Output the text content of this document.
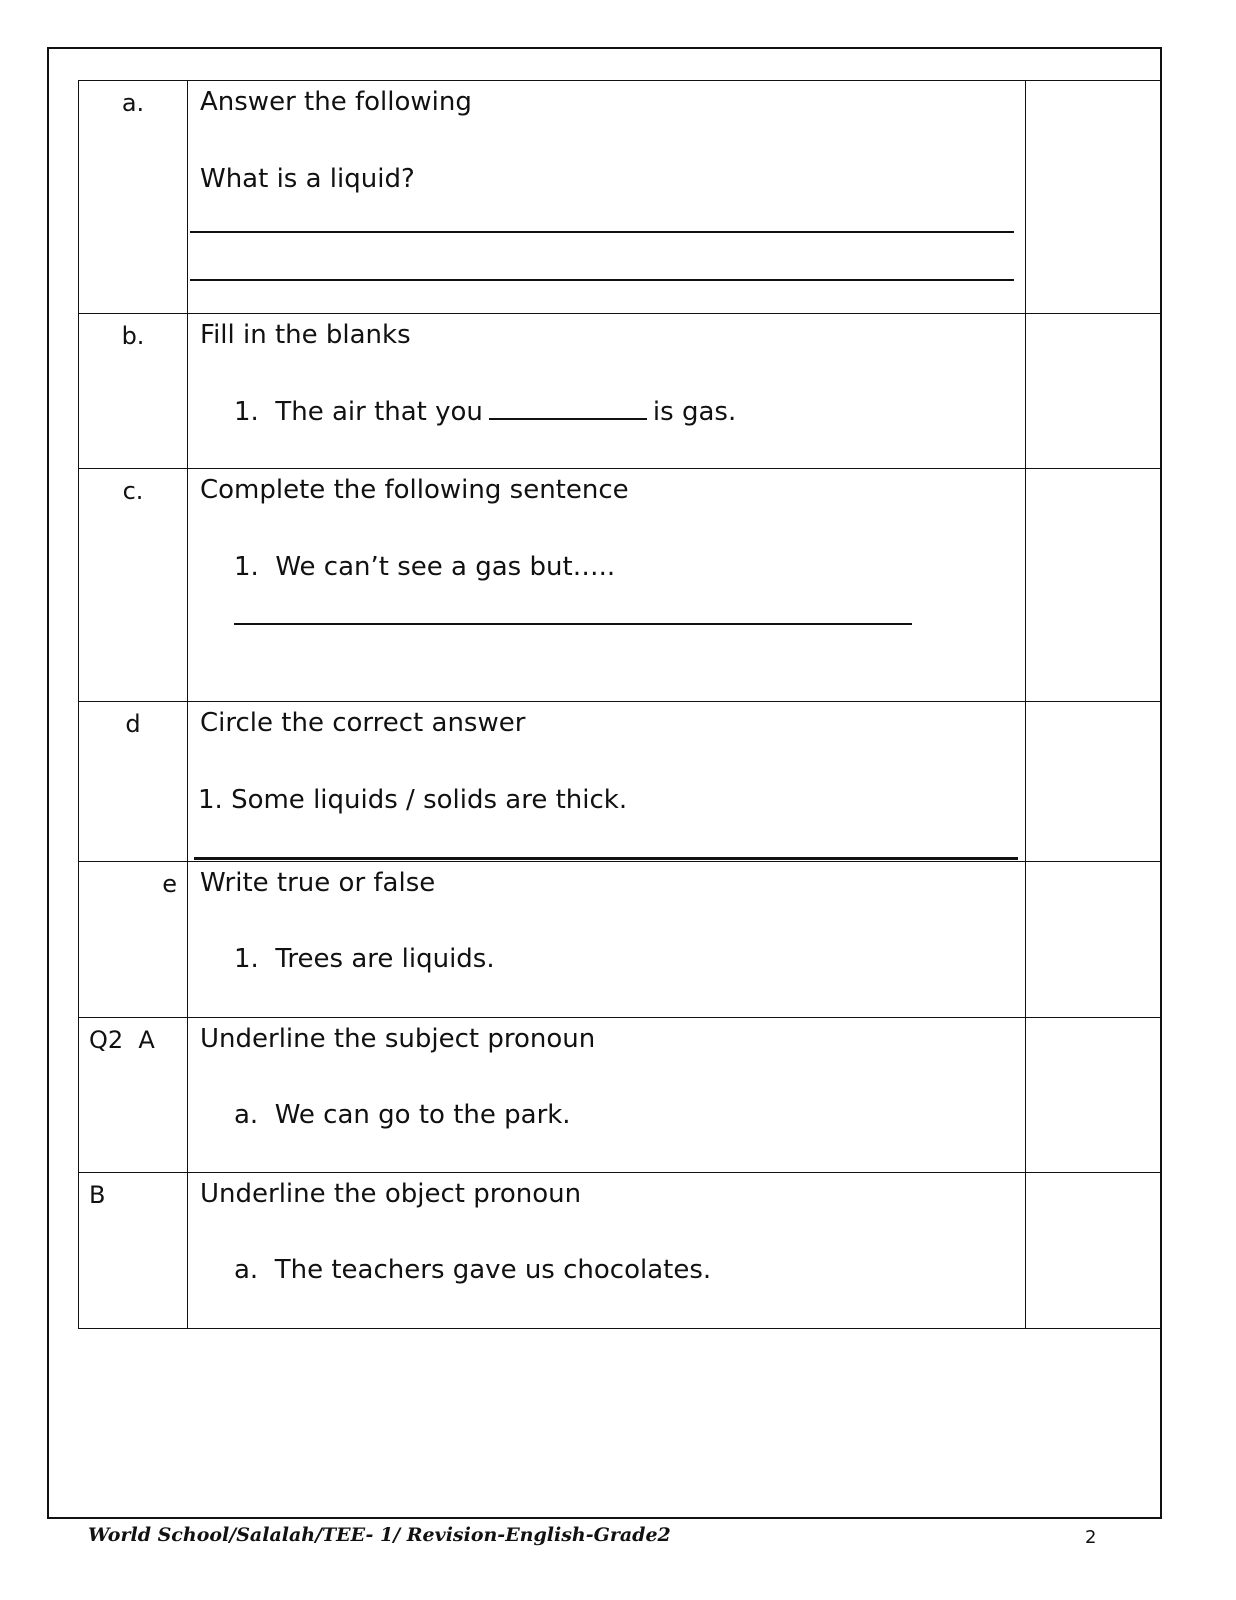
a.	Answer the following
What is a liquid?	

b.	Fill in the blanks
1. The air that you is gas.	

c.	Complete the following sentence
1. We can’t see a gas but…..	

d	Circle the correct answer
1. Some liquids / solids are thick.	

e	Write true or false
1. Trees are liquids.	

Q2  A	Underline the subject pronoun
a. We can go to the park.	

B	Underline the object pronoun
a. The teachers gave us chocolates.	

World School/Salalah/TEE- 1/ Revision-English-Grade2	2
